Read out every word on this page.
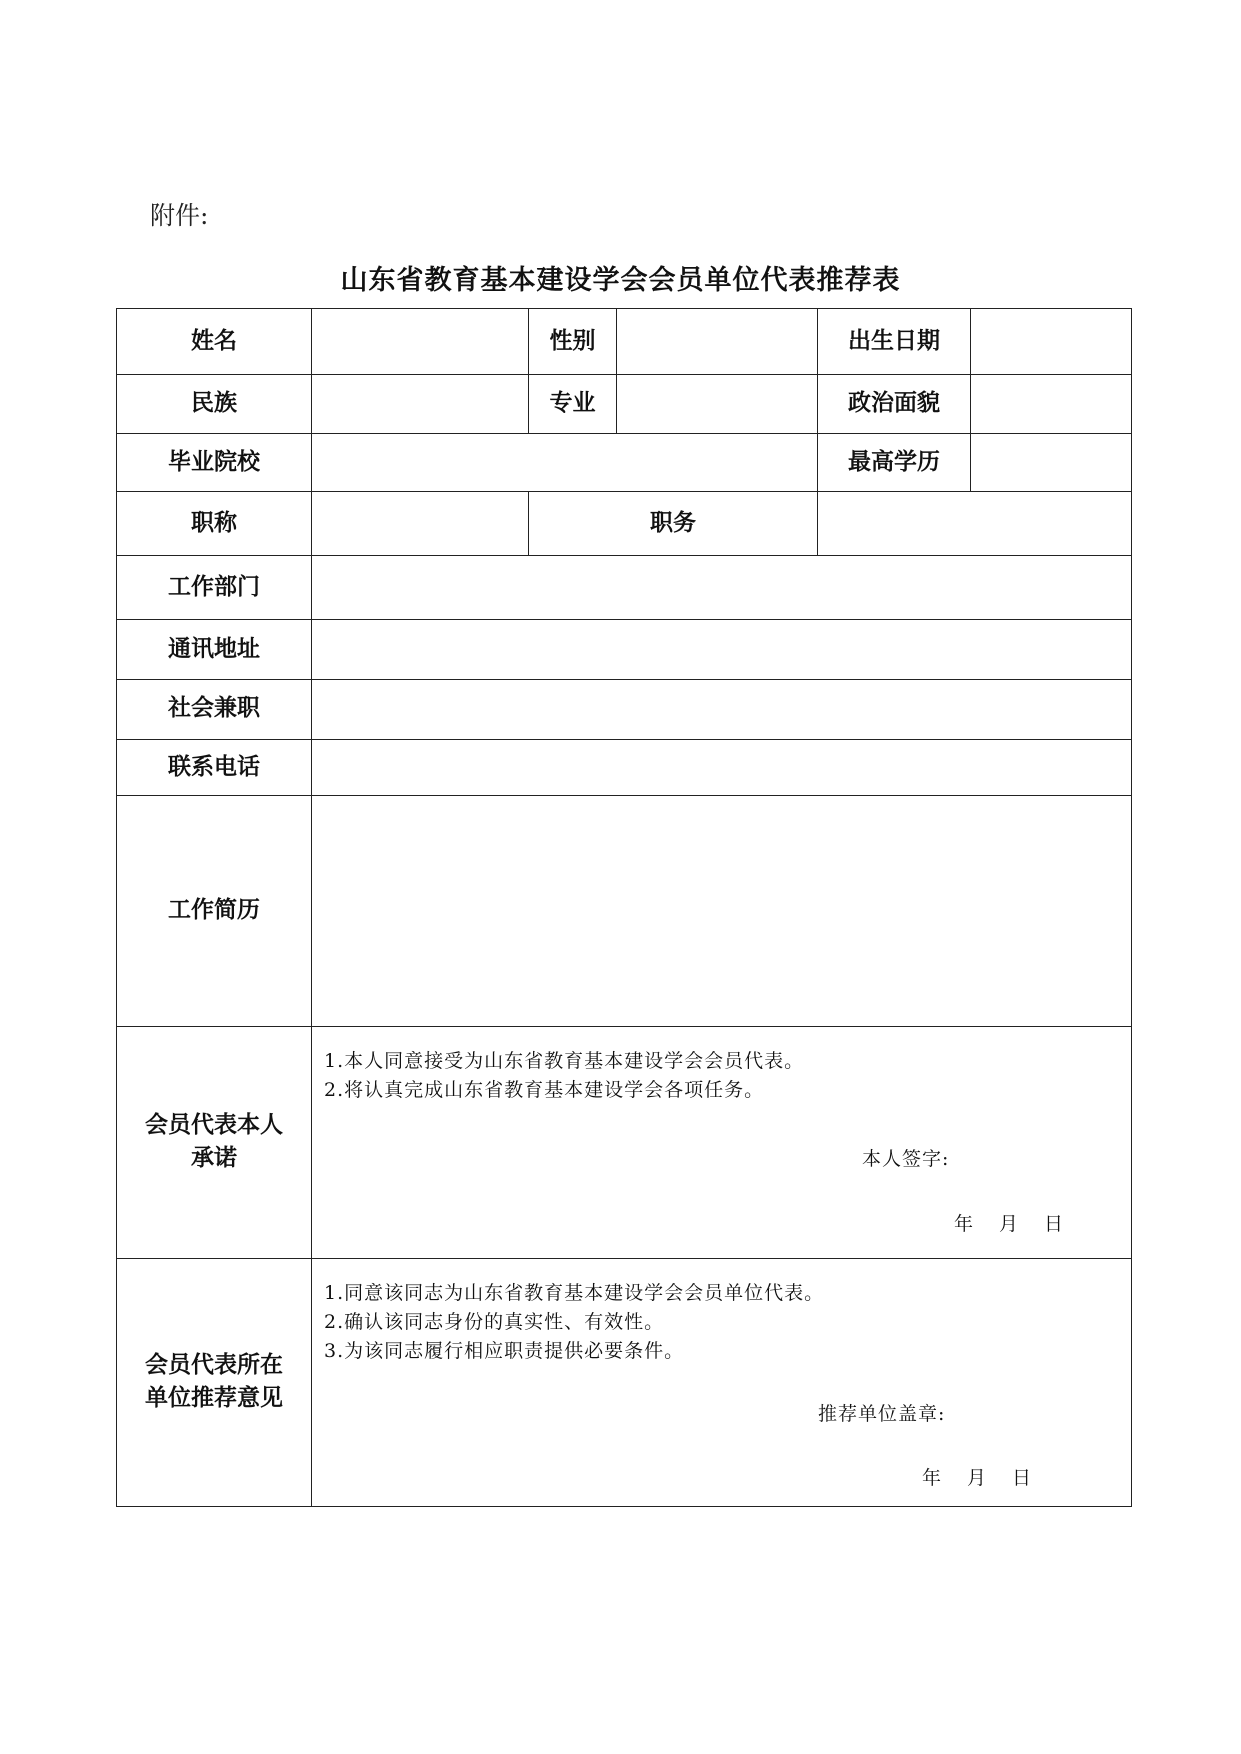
附件:
山东省教育基本建设学会会员单位代表推荐表
姓名		性别		出生日期	
民族		专业		政治面貌	
毕业院校				最高学历	
职称		职务			
工作部门					
通讯地址					
社会兼职					
联系电话					
工作简历					
会员代表本人承诺	1.本人同意接受为山东省教育基本建设学会会员代表。
2.将认真完成山东省教育基本建设学会各项任务。
本人签字:
年 月 日				

会员代表所在单位推荐意见	1.同意该同志为山东省教育基本建设学会会员单位代表。
2.确认该同志身份的真实性、有效性。
3.为该同志履行相应职责提供必要条件。
推荐单位盖章:
年 月 日				
